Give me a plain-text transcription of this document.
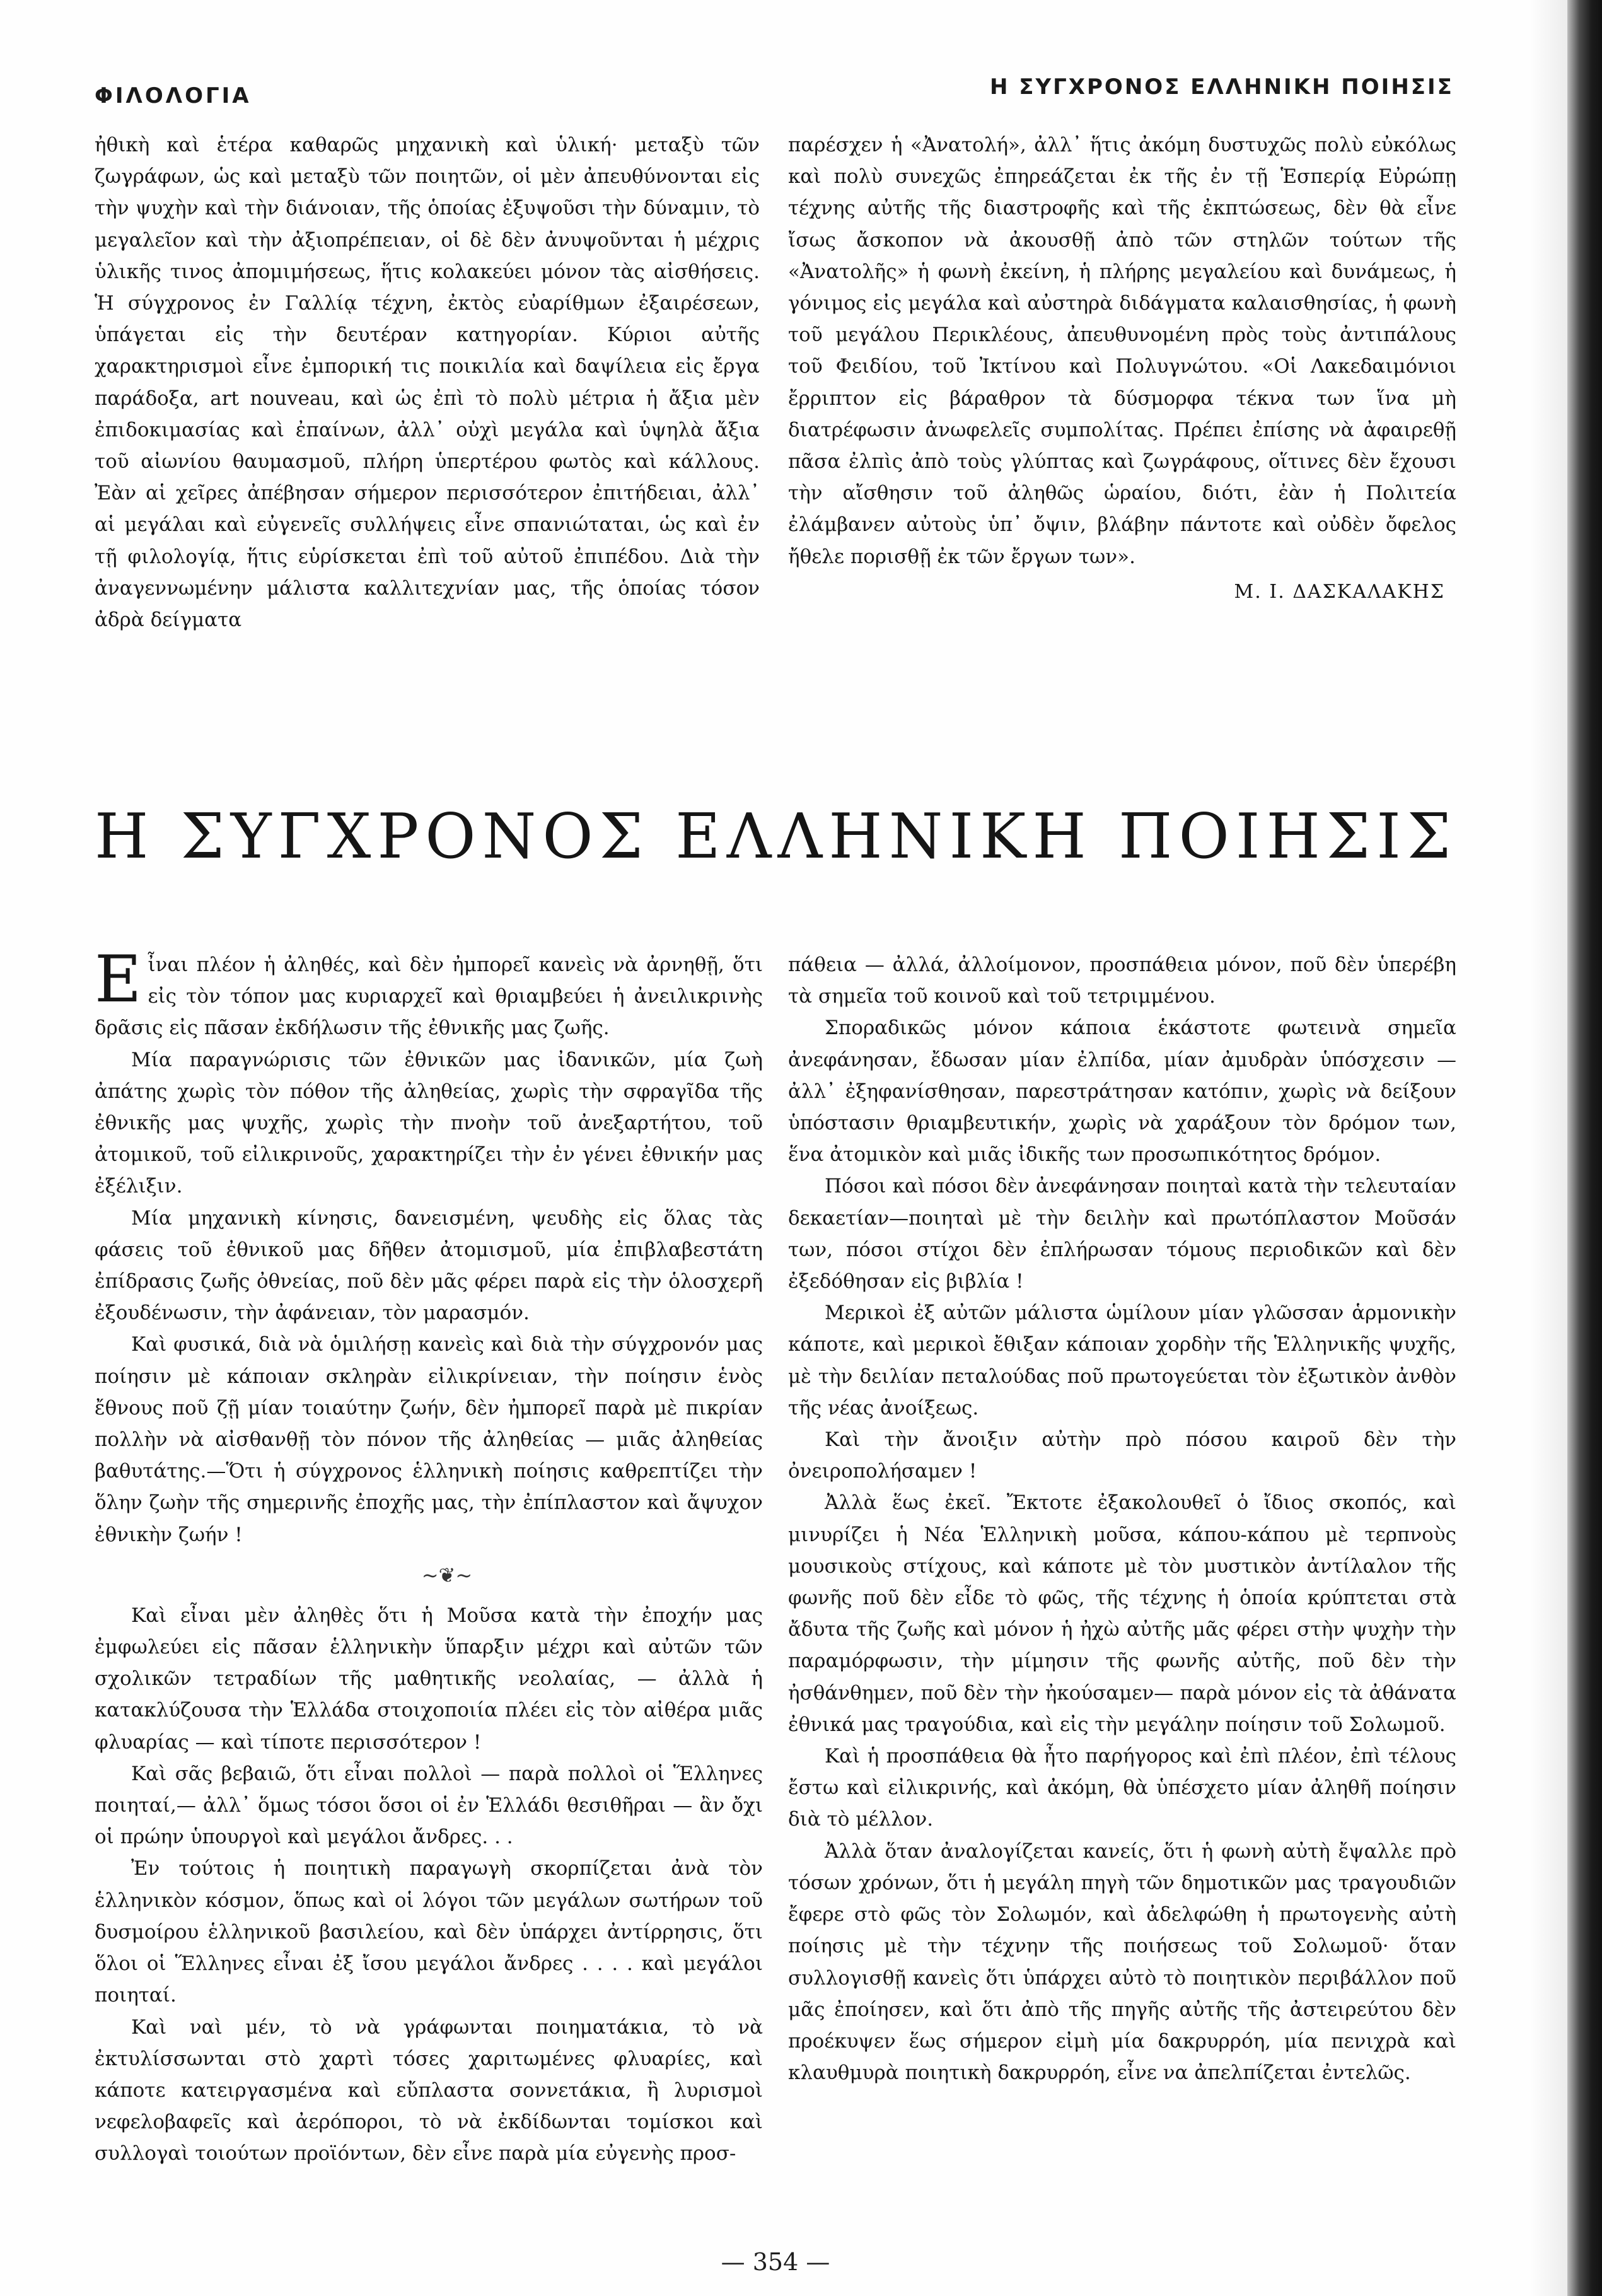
ΦΙΛΟΛΟΓΙΑ	Η ΣΥΓΧΡΟΝΟΣ ΕΛΛΗΝΙΚΗ ΠΟΙΗΣΙΣ

ἠθικὴ καὶ ἑτέρα καθαρῶς μηχανικὴ καὶ ὑλική· μεταξὺ τῶν ζωγράφων, ὡς καὶ μεταξὺ τῶν ποιητῶν, οἱ μὲν ἀπευθύνονται εἰς τὴν ψυχὴν καὶ τὴν διάνοιαν, τῆς ὁποίας ἐξυψοῦσι τὴν δύναμιν, τὸ μεγαλεῖον καὶ τὴν ἀξιοπρέπειαν, οἱ δὲ δὲν ἀνυψοῦνται ἡ μέχρις ὑλικῆς τινος ἀπομιμήσεως, ἥτις κολακεύει μόνον τὰς αἰσθήσεις. Ἡ σύγχρονος ἐν Γαλλίᾳ τέχνη, ἐκτὸς εὐαρίθμων ἐξαιρέσεων, ὑπάγεται εἰς τὴν δευτέραν κατηγορίαν. Κύριοι αὐτῆς χαρακτηρισμοὶ εἶνε ἐμπορική τις ποικιλία καὶ δαψίλεια εἰς ἔργα παράδοξα, art nouveau, καὶ ὡς ἐπὶ τὸ πολὺ μέτρια ἡ ἄξια μὲν ἐπιδοκιμασίας καὶ ἐπαίνων, ἀλλ᾽ οὐχὶ μεγάλα καὶ ὑψηλὰ ἄξια τοῦ αἰωνίου θαυμασμοῦ, πλήρη ὑπερτέρου φωτὸς καὶ κάλλους. Ἐὰν αἱ χεῖρες ἀπέβησαν σήμερον περισσότερον ἐπιτήδειαι, ἀλλ᾽ αἱ μεγάλαι καὶ εὐγενεῖς συλλήψεις εἶνε σπανιώταται, ὡς καὶ ἐν τῇ φιλολογίᾳ, ἥτις εὑρίσκεται ἐπὶ τοῦ αὐτοῦ ἐπιπέδου. Διὰ τὴν ἀναγεννωμένην μάλιστα καλλιτεχνίαν μας, τῆς ὁποίας τόσον ἀδρὰ δείγματα

παρέσχεν ἡ «Ἀνατολή», ἀλλ᾽ ἥτις ἀκόμη δυστυχῶς πολὺ εὐκόλως καὶ πολὺ συνεχῶς ἐπηρεάζεται ἐκ τῆς ἐν τῇ Ἑσπερίᾳ Εὐρώπῃ τέχνης αὐτῆς τῆς διαστροφῆς καὶ τῆς ἐκπτώσεως, δὲν θὰ εἶνε ἴσως ἄσκοπον νὰ ἀκουσθῇ ἀπὸ τῶν στηλῶν τούτων τῆς «Ἀνατολῆς» ἡ φωνὴ ἐκείνη, ἡ πλήρης μεγαλείου καὶ δυνάμεως, ἡ γόνιμος εἰς μεγάλα καὶ αὐστηρὰ διδάγματα καλαισθησίας, ἡ φωνὴ τοῦ μεγάλου Περικλέους, ἀπευθυνομένη πρὸς τοὺς ἀντιπάλους τοῦ Φειδίου, τοῦ Ἰκτίνου καὶ Πολυγνώτου. «Οἱ Λακεδαιμόνιοι ἔρριπτον εἰς βάραθρον τὰ δύσμορφα τέκνα των ἵνα μὴ διατρέφωσιν ἀνωφελεῖς συμπολίτας. Πρέπει ἐπίσης νὰ ἀφαιρεθῇ πᾶσα ἐλπὶς ἀπὸ τοὺς γλύπτας καὶ ζωγράφους, οἵτινες δὲν ἔχουσι τὴν αἴσθησιν τοῦ ἀληθῶς ὡραίου, διότι, ἐὰν ἡ Πολιτεία ἐλάμβανεν αὐτοὺς ὑπ᾽ ὄψιν, βλάβην πάντοτε καὶ οὐδὲν ὄφελος ἤθελε πορισθῇ ἐκ τῶν ἔργων των».

Μ. Ι. ΔΑΣΚΑΛΑΚΗΣ
Η ΣΥΓΧΡΟΝΟΣ ΕΛΛΗΝΙΚΗ ΠΟΙΗΣΙΣ

Εἶναι πλέον ἡ ἀληθές, καὶ δὲν ἠμπορεῖ κανεὶς νὰ ἀρνηθῇ, ὅτι εἰς τὸν τόπον μας κυριαρχεῖ καὶ θριαμβεύει ἡ ἀνειλικρινὴς δρᾶσις εἰς πᾶσαν ἐκδήλωσιν τῆς ἐθνικῆς μας ζωῆς.

Μία παραγνώρισις τῶν ἐθνικῶν μας ἰδανικῶν, μία ζωὴ ἀπάτης χωρὶς τὸν πόθον τῆς ἀληθείας, χωρὶς τὴν σφραγῖδα τῆς ἐθνικῆς μας ψυχῆς, χωρὶς τὴν πνοὴν τοῦ ἀνεξαρτήτου, τοῦ ἀτομικοῦ, τοῦ εἰλικρινοῦς, χαρακτηρίζει τὴν ἐν γένει ἐθνικήν μας ἐξέλιξιν.

Μία μηχανικὴ κίνησις, δανεισμένη, ψευδὴς εἰς ὅλας τὰς φάσεις τοῦ ἐθνικοῦ μας δῆθεν ἀτομισμοῦ, μία ἐπιβλαβεστάτη ἐπίδρασις ζωῆς ὀθνείας, ποῦ δὲν μᾶς φέρει παρὰ εἰς τὴν ὁλοσχερῆ ἐξουδένωσιν, τὴν ἀφάνειαν, τὸν μαρασμόν.

Καὶ φυσικά, διὰ νὰ ὁμιλήσῃ κανεὶς καὶ διὰ τὴν σύγχρονόν μας ποίησιν μὲ κάποιαν σκληρὰν εἰλικρίνειαν, τὴν ποίησιν ἑνὸς ἔθνους ποῦ ζῇ μίαν τοιαύτην ζωήν, δὲν ἠμπορεῖ παρὰ μὲ πικρίαν πολλὴν νὰ αἰσθανθῇ τὸν πόνον τῆς ἀληθείας — μιᾶς ἀληθείας βαθυτάτης.—Ὅτι ἡ σύγχρονος ἑλληνικὴ ποίησις καθρεπτίζει τὴν ὅλην ζωὴν τῆς σημερινῆς ἐποχῆς μας, τὴν ἐπίπλαστον καὶ ἄψυχον ἐθνικὴν ζωήν !

~❦~

Καὶ εἶναι μὲν ἀληθὲς ὅτι ἡ Μοῦσα κατὰ τὴν ἐποχήν μας ἐμφωλεύει εἰς πᾶσαν ἑλληνικὴν ὕπαρξιν μέχρι καὶ αὐτῶν τῶν σχολικῶν τετραδίων τῆς μαθητικῆς νεολαίας, — ἀλλὰ ἡ κατακλύζουσα τὴν Ἑλλάδα στοιχοποιία πλέει εἰς τὸν αἰθέρα μιᾶς φλυαρίας — καὶ τίποτε περισσότερον !

Καὶ σᾶς βεβαιῶ, ὅτι εἶναι πολλοὶ — παρὰ πολλοὶ οἱ Ἕλληνες ποιηταί,— ἀλλ᾽ ὅμως τόσοι ὅσοι οἱ ἐν Ἑλλάδι θεσιθῆραι — ἂν ὄχι οἱ πρώην ὑπουργοὶ καὶ μεγάλοι ἄνδρες. . .

Ἐν τούτοις ἡ ποιητικὴ παραγωγὴ σκορπίζεται ἀνὰ τὸν ἑλληνικὸν κόσμον, ὅπως καὶ οἱ λόγοι τῶν μεγάλων σωτήρων τοῦ δυσμοίρου ἑλληνικοῦ βασιλείου, καὶ δὲν ὑπάρχει ἀντίρρησις, ὅτι ὅλοι οἱ Ἕλληνες εἶναι ἐξ ἴσου μεγάλοι ἄνδρες . . . . καὶ μεγάλοι ποιηταί.

Καὶ ναὶ μέν, τὸ νὰ γράφωνται ποιηματάκια, τὸ νὰ ἐκτυλίσσωνται στὸ χαρτὶ τόσες χαριτωμένες φλυαρίες, καὶ κάποτε κατειργασμένα καὶ εὔπλαστα σοννετάκια, ἢ λυρισμοὶ νεφελοβαφεῖς καὶ ἀερόποροι, τὸ νὰ ἐκδίδωνται τομίσκοι καὶ συλλογαὶ τοιούτων προϊόντων, δὲν εἶνε παρὰ μία εὐγενὴς προσ-

πάθεια — ἀλλά, ἀλλοίμονον, προσπάθεια μόνον, ποῦ δὲν ὑπερέβη τὰ σημεῖα τοῦ κοινοῦ καὶ τοῦ τετριμμένου.

Σποραδικῶς μόνον κάποια ἑκάστοτε φωτεινὰ σημεῖα ἀνεφάνησαν, ἔδωσαν μίαν ἐλπίδα, μίαν ἀμυδρὰν ὑπόσχεσιν — ἀλλ᾽ ἐξηφανίσθησαν, παρεστράτησαν κατόπιν, χωρὶς νὰ δείξουν ὑπόστασιν θριαμβευτικήν, χωρὶς νὰ χαράξουν τὸν δρόμον των, ἕνα ἀτομικὸν καὶ μιᾶς ἰδικῆς των προσωπικότητος δρόμον.

Πόσοι καὶ πόσοι δὲν ἀνεφάνησαν ποιηταὶ κατὰ τὴν τελευταίαν δεκαετίαν—ποιηταὶ μὲ τὴν δειλὴν καὶ πρωτόπλαστον Μοῦσάν των, πόσοι στίχοι δὲν ἐπλήρωσαν τόμους περιοδικῶν καὶ δὲν ἐξεδόθησαν εἰς βιβλία !

Μερικοὶ ἐξ αὐτῶν μάλιστα ὡμίλουν μίαν γλῶσσαν ἁρμονικὴν κάποτε, καὶ μερικοὶ ἔθιξαν κάποιαν χορδὴν τῆς Ἑλληνικῆς ψυχῆς, μὲ τὴν δειλίαν πεταλούδας ποῦ πρωτογεύεται τὸν ἐξωτικὸν ἀνθὸν τῆς νέας ἀνοίξεως.

Καὶ τὴν ἄνοιξιν αὐτὴν πρὸ πόσου καιροῦ δὲν τὴν ὀνειροπολήσαμεν !

Ἀλλὰ ἕως ἐκεῖ. Ἔκτοτε ἐξακολουθεῖ ὁ ἴδιος σκοπός, καὶ μινυρίζει ἡ Νέα Ἑλληνικὴ μοῦσα, κάπου-κάπου μὲ τερπνοὺς μουσικοὺς στίχους, καὶ κάποτε μὲ τὸν μυστικὸν ἀντίλαλον τῆς φωνῆς ποῦ δὲν εἶδε τὸ φῶς, τῆς τέχνης ἡ ὁποία κρύπτεται στὰ ἄδυτα τῆς ζωῆς καὶ μόνον ἡ ἠχὼ αὐτῆς μᾶς φέρει στὴν ψυχὴν τὴν παραμόρφωσιν, τὴν μίμησιν τῆς φωνῆς αὐτῆς, ποῦ δὲν τὴν ἠσθάνθημεν, ποῦ δὲν τὴν ἠκούσαμεν— παρὰ μόνον εἰς τὰ ἀθάνατα ἐθνικά μας τραγούδια, καὶ εἰς τὴν μεγάλην ποίησιν τοῦ Σολωμοῦ.

Καὶ ἡ προσπάθεια θὰ ἦτο παρήγορος καὶ ἐπὶ πλέον, ἐπὶ τέλους ἔστω καὶ εἰλικρινής, καὶ ἀκόμη, θὰ ὑπέσχετο μίαν ἀληθῆ ποίησιν διὰ τὸ μέλλον.

Ἀλλὰ ὅταν ἀναλογίζεται κανείς, ὅτι ἡ φωνὴ αὐτὴ ἔψαλλε πρὸ τόσων χρόνων, ὅτι ἡ μεγάλη πηγὴ τῶν δημοτικῶν μας τραγουδιῶν ἔφερε στὸ φῶς τὸν Σολωμόν, καὶ ἀδελφώθη ἡ πρωτογενὴς αὐτὴ ποίησις μὲ τὴν τέχνην τῆς ποιήσεως τοῦ Σολωμοῦ· ὅταν συλλογισθῇ κανεὶς ὅτι ὑπάρχει αὐτὸ τὸ ποιητικὸν περιβάλλον ποῦ μᾶς ἐποίησεν, καὶ ὅτι ἀπὸ τῆς πηγῆς αὐτῆς τῆς ἀστειρεύτου δὲν προέκυψεν ἕως σήμερον εἰμὴ μία δακρυρρόη, μία πενιχρὰ καὶ κλαυθμυρὰ ποιητικὴ δακρυρρόη, εἶνε να ἀπελπίζεται ἐντελῶς.

— 354 —
